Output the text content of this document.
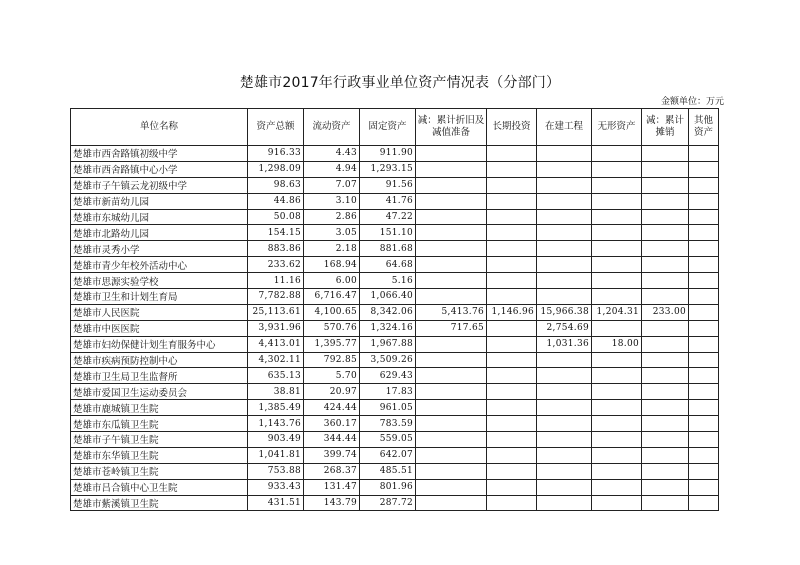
楚雄市2017年行政事业单位资产情况表（分部门）
金额单位：万元
单位名称	资产总额	流动资产	固定资产	减：累计折旧及减值准备	长期投资	在建工程	无形资产	减：累计摊销	其他资产
楚雄市西舍路镇初级中学	916.33	4.43	911.90						
楚雄市西舍路镇中心小学	1,298.09	4.94	1,293.15						
楚雄市子午镇云龙初级中学	98.63	7.07	91.56						
楚雄市新苗幼儿园	44.86	3.10	41.76						
楚雄市东城幼儿园	50.08	2.86	47.22						
楚雄市北路幼儿园	154.15	3.05	151.10						
楚雄市灵秀小学	883.86	2.18	881.68						
楚雄市青少年校外活动中心	233.62	168.94	64.68						
楚雄市思源实验学校	11.16	6.00	5.16						
楚雄市卫生和计划生育局	7,782.88	6,716.47	1,066.40						
楚雄市人民医院	25,113.61	4,100.65	8,342.06	5,413.76	1,146.96	15,966.38	1,204.31	233.00	
楚雄市中医医院	3,931.96	570.76	1,324.16	717.65		2,754.69			
楚雄市妇幼保健计划生育服务中心	4,413.01	1,395.77	1,967.88			1,031.36	18.00		
楚雄市疾病预防控制中心	4,302.11	792.85	3,509.26						
楚雄市卫生局卫生监督所	635.13	5.70	629.43						
楚雄市爱国卫生运动委员会	38.81	20.97	17.83						
楚雄市鹿城镇卫生院	1,385.49	424.44	961.05						
楚雄市东瓜镇卫生院	1,143.76	360.17	783.59						
楚雄市子午镇卫生院	903.49	344.44	559.05						
楚雄市东华镇卫生院	1,041.81	399.74	642.07						
楚雄市苍岭镇卫生院	753.88	268.37	485.51						
楚雄市吕合镇中心卫生院	933.43	131.47	801.96						
楚雄市紫溪镇卫生院	431.51	143.79	287.72						
